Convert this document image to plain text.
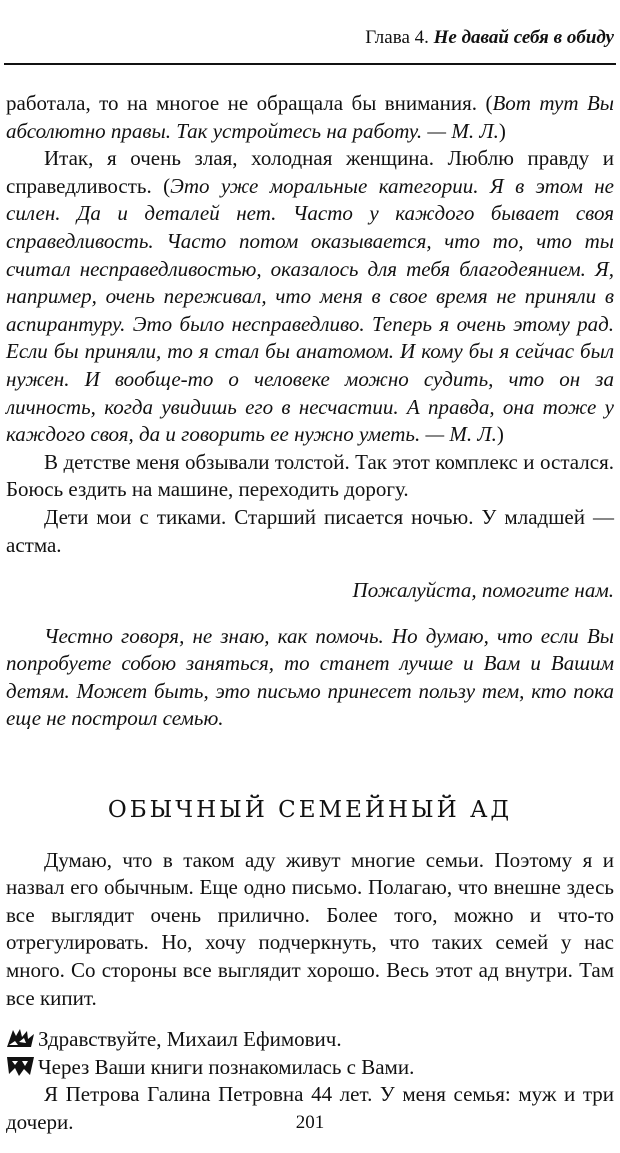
Глава 4. Не давай себя в обиду

работала, то на многое не обращала бы внимания. (Вот тут Вы абсолютно правы. Так устройтесь на работу. — М. Л.)

Итак, я очень злая, холодная женщина. Люблю правду и справедливость. (Это уже моральные категории. Я в этом не силен. Да и деталей нет. Часто у каждого бывает своя справедливость. Часто потом оказывается, что то, что ты считал несправедливостью, оказалось для тебя благодеянием. Я, например, очень переживал, что меня в свое время не приняли в аспирантуру. Это было несправедливо. Теперь я очень этому рад. Если бы приняли, то я стал бы анатомом. И кому бы я сейчас был нужен. И вообще-то о человеке можно судить, что он за личность, когда увидишь его в несчастии. А правда, она тоже у каждого своя, да и говорить ее нужно уметь. — М. Л.)

В детстве меня обзывали толстой. Так этот комплекс и остался. Боюсь ездить на машине, переходить дорогу.

Дети мои с тиками. Старший писается ночью. У младшей — астма.

Пожалуйста, помогите нам.

Честно говоря, не знаю, как помочь. Но думаю, что если Вы попробуете собою заняться, то станет лучше и Вам и Вашим детям. Может быть, это письмо принесет пользу тем, кто пока еще не построил семью.

ОБЫЧНЫЙ СЕМЕЙНЫЙ АД

Думаю, что в таком аду живут многие семьи. Поэтому я и назвал его обычным. Еще одно письмо. Полагаю, что внешне здесь все выглядит очень прилично. Более того, можно и что-то отрегулировать. Но, хочу подчеркнуть, что таких семей у нас много. Со стороны все выглядит хорошо. Весь этот ад внутри. Там все кипит.

Здравствуйте, Михаил Ефимович.

Через Ваши книги познакомилась с Вами.

Я Петрова Галина Петровна 44 лет. У меня семья: муж и три дочери.	201
